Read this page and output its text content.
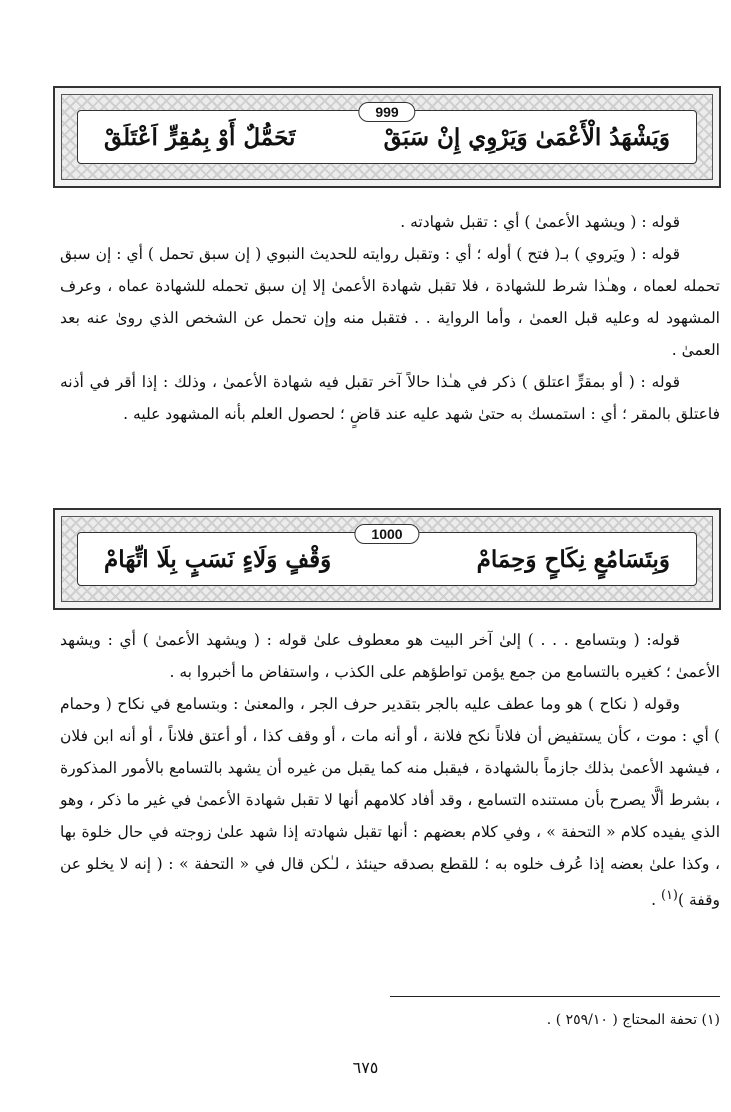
999
وَيَشْهَدُ الْأَعْمَىٰ وَيَرْوِي إِنْ سَبَقْ
تَحَمُّلٌ أَوْ بِمُقِرٍّ اَعْتَلَقْ

قوله : ( ويشهد الأعمىٰ ) أي : تقبل شهادته .

قوله : ( ويَروي ) بـ( فتح ) أوله ؛ أي : وتقبل روايته للحديث النبوي ( إن سبق تحمل ) أي : إن سبق تحمله لعماه ، وهـٰذا شرط للشهادة ، فلا تقبل شهادة الأعمىٰ إلا إن سبق تحمله للشهادة عماه ، وعرف المشهود له وعليه قبل العمىٰ ، وأما الرواية . . فتقبل منه وإن تحمل عن الشخص الذي روىٰ عنه بعد العمىٰ .

قوله : ( أو بمقرٍّ اعتلق ) ذكر في هـٰذا حالاً آخر تقبل فيه شهادة الأعمىٰ ، وذلك : إذا أقر في أذنه فاعتلق بالمقر ؛ أي : استمسك به حتىٰ شهد عليه عند قاضٍ ؛ لحصول العلم بأنه المشهود عليه .

1000
وَبِتَسَامُعٍ نِكَاحٍ وَحِمَامْ
وَقْفٍ وَلَاءٍ نَسَبٍ بِلَا اتِّهَامْ

قوله: ( وبتسامع . . . ) إلىٰ آخر البيت هو معطوف علىٰ قوله : ( ويشهد الأعمىٰ ) أي : ويشهد الأعمىٰ ؛ كغيره بالتسامع من جمع يؤمن تواطؤهم على الكذب ، واستفاض ما أخبروا به .

وقوله ( نكاح ) هو وما عطف عليه بالجر بتقدير حرف الجر ، والمعنىٰ : وبتسامع في نكاح ( وحمام ) أي : موت ، كأن يستفيض أن فلاناً نكح فلانة ، أو أنه مات ، أو وقف كذا ، أو أعتق فلاناً ، أو أنه ابن فلان ، فيشهد الأعمىٰ بذلك جازماً بالشهادة ، فيقبل منه كما يقبل من غيره أن يشهد بالتسامع بالأمور المذكورة ، بشرط ألَّا يصرح بأن مستنده التسامع ، وقد أفاد كلامهم أنها لا تقبل شهادة الأعمىٰ في غير ما ذكر ، وهو الذي يفيده كلام « التحفة » ، وفي كلام بعضهم : أنها تقبل شهادته إذا شهد علىٰ زوجته في حال خلوة بها ، وكذا علىٰ بعضه إذا عُرف خلوه به ؛ للقطع بصدقه حينئذ ، لـٰكن قال في « التحفة » : ( إنه لا يخلو عن وقفة )$^{(١)}$ .

(١) تحفة المحتاج ( ٢٥٩/١٠ ) .
٦٧٥
